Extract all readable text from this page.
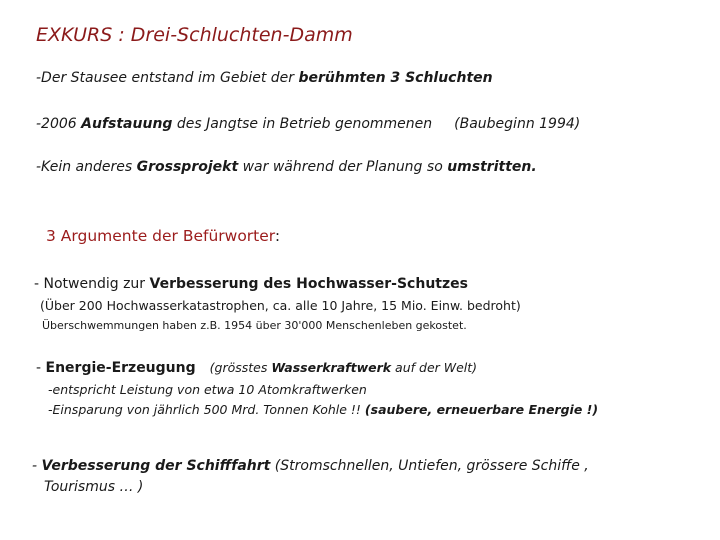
EXKURS : Drei-Schluchten-Damm
-Der Stausee entstand im Gebiet der berühmten 3 Schluchten
-2006 Aufstauung des Jangtse in Betrieb genommenen (Baubeginn 1994)
-Kein anderes Grossprojekt war während der Planung so umstritten.
3 Argumente der Befürworter:
- Notwendig zur Verbesserung des Hochwasser-Schutzes
(Über 200 Hochwasserkatastrophen, ca. alle 10 Jahre, 15 Mio. Einw. bedroht)
Überschwemmungen haben z.B. 1954 über 30'000 Menschenleben gekostet.
- Energie-Erzeugung (grösstes Wasserkraftwerk auf der Welt)
-entspricht Leistung von etwa 10 Atomkraftwerken
-Einsparung von jährlich 500 Mrd. Tonnen Kohle !! (saubere, erneuerbare Energie !)
- Verbesserung der Schifffahrt (Stromschnellen, Untiefen, grössere Schiffe ,
Tourismus … )
